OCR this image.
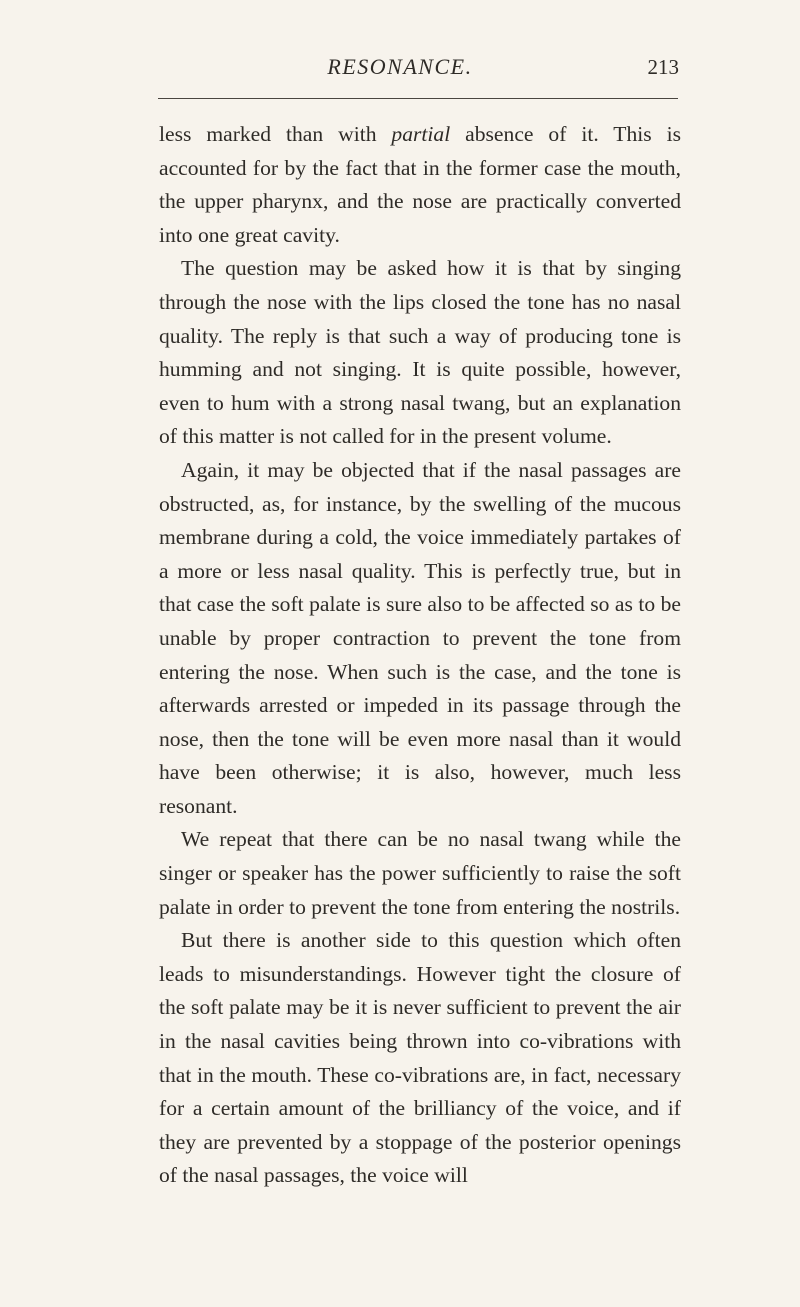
RESONANCE.	213

less marked than with partial absence of it. This is accounted for by the fact that in the former case the mouth, the upper pharynx, and the nose are practically converted into one great cavity.

The question may be asked how it is that by singing through the nose with the lips closed the tone has no nasal quality. The reply is that such a way of producing tone is humming and not singing. It is quite possible, however, even to hum with a strong nasal twang, but an explanation of this matter is not called for in the present volume.

Again, it may be objected that if the nasal passages are obstructed, as, for instance, by the swelling of the mucous membrane during a cold, the voice immediately partakes of a more or less nasal quality. This is perfectly true, but in that case the soft palate is sure also to be affected so as to be unable by proper contraction to prevent the tone from entering the nose. When such is the case, and the tone is afterwards arrested or impeded in its passage through the nose, then the tone will be even more nasal than it would have been otherwise; it is also, however, much less resonant.

We repeat that there can be no nasal twang while the singer or speaker has the power sufficiently to raise the soft palate in order to prevent the tone from entering the nostrils.

But there is another side to this question which often leads to misunderstandings. However tight the closure of the soft palate may be it is never sufficient to prevent the air in the nasal cavities being thrown into co-vibrations with that in the mouth. These co-vibrations are, in fact, necessary for a certain amount of the brilliancy of the voice, and if they are prevented by a stoppage of the posterior openings of the nasal passages, the voice will
